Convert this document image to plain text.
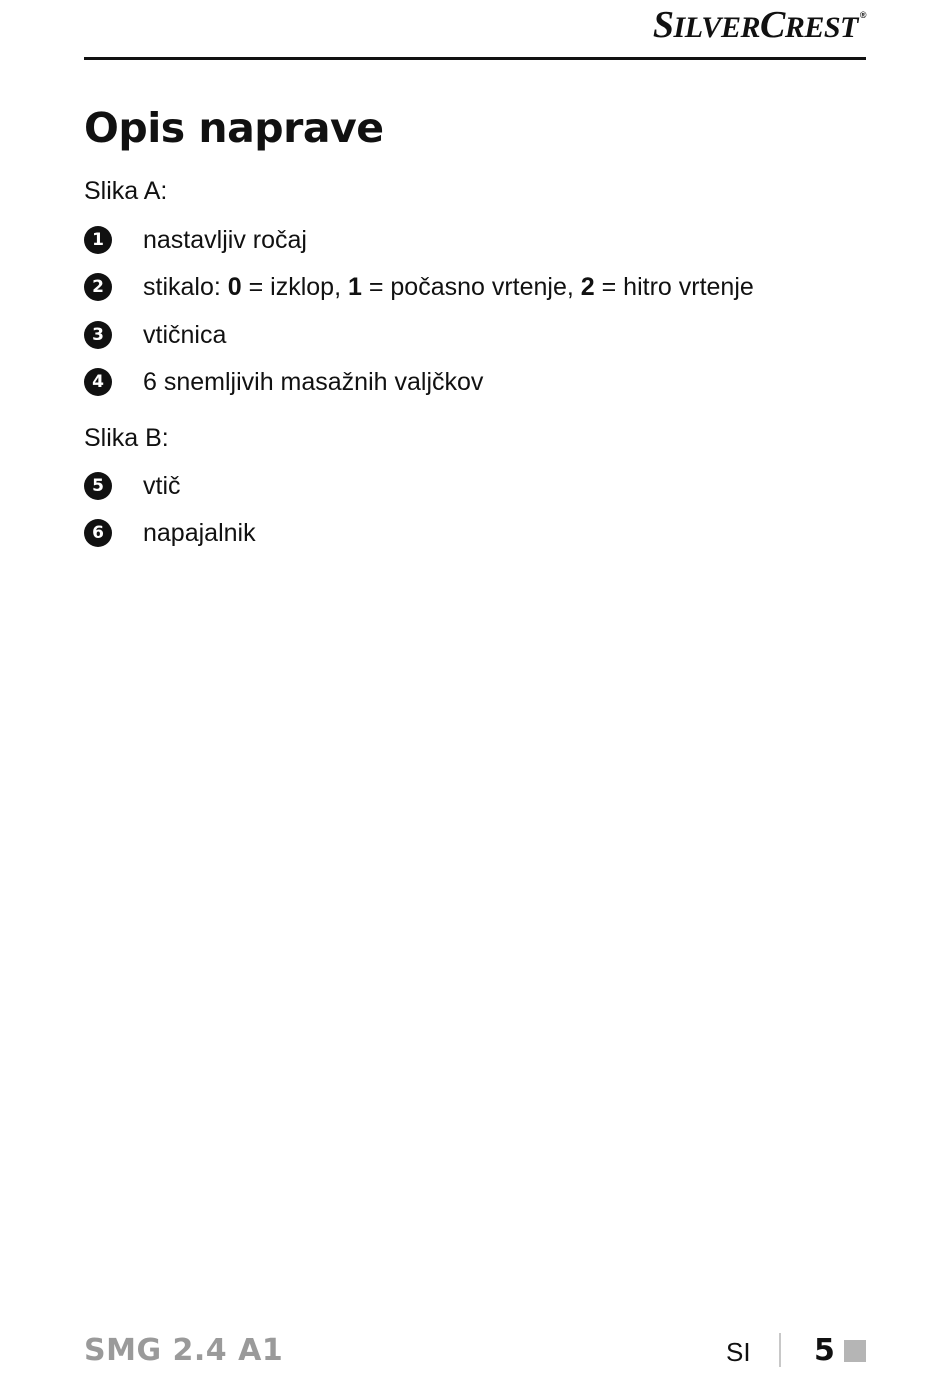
S ILVER C REST ®
Opis naprave
Slika A:
1	nastavljiv ročaj
2	stikalo: 0 = izklop, 1 = počasno vrtenje, 2 = hitro vrtenje
3	vtičnica
4	6 snemljivih masažnih valjčkov
Slika B:
5	vtič
6	napajalnik
SMG 2.4 A1	SI 5
